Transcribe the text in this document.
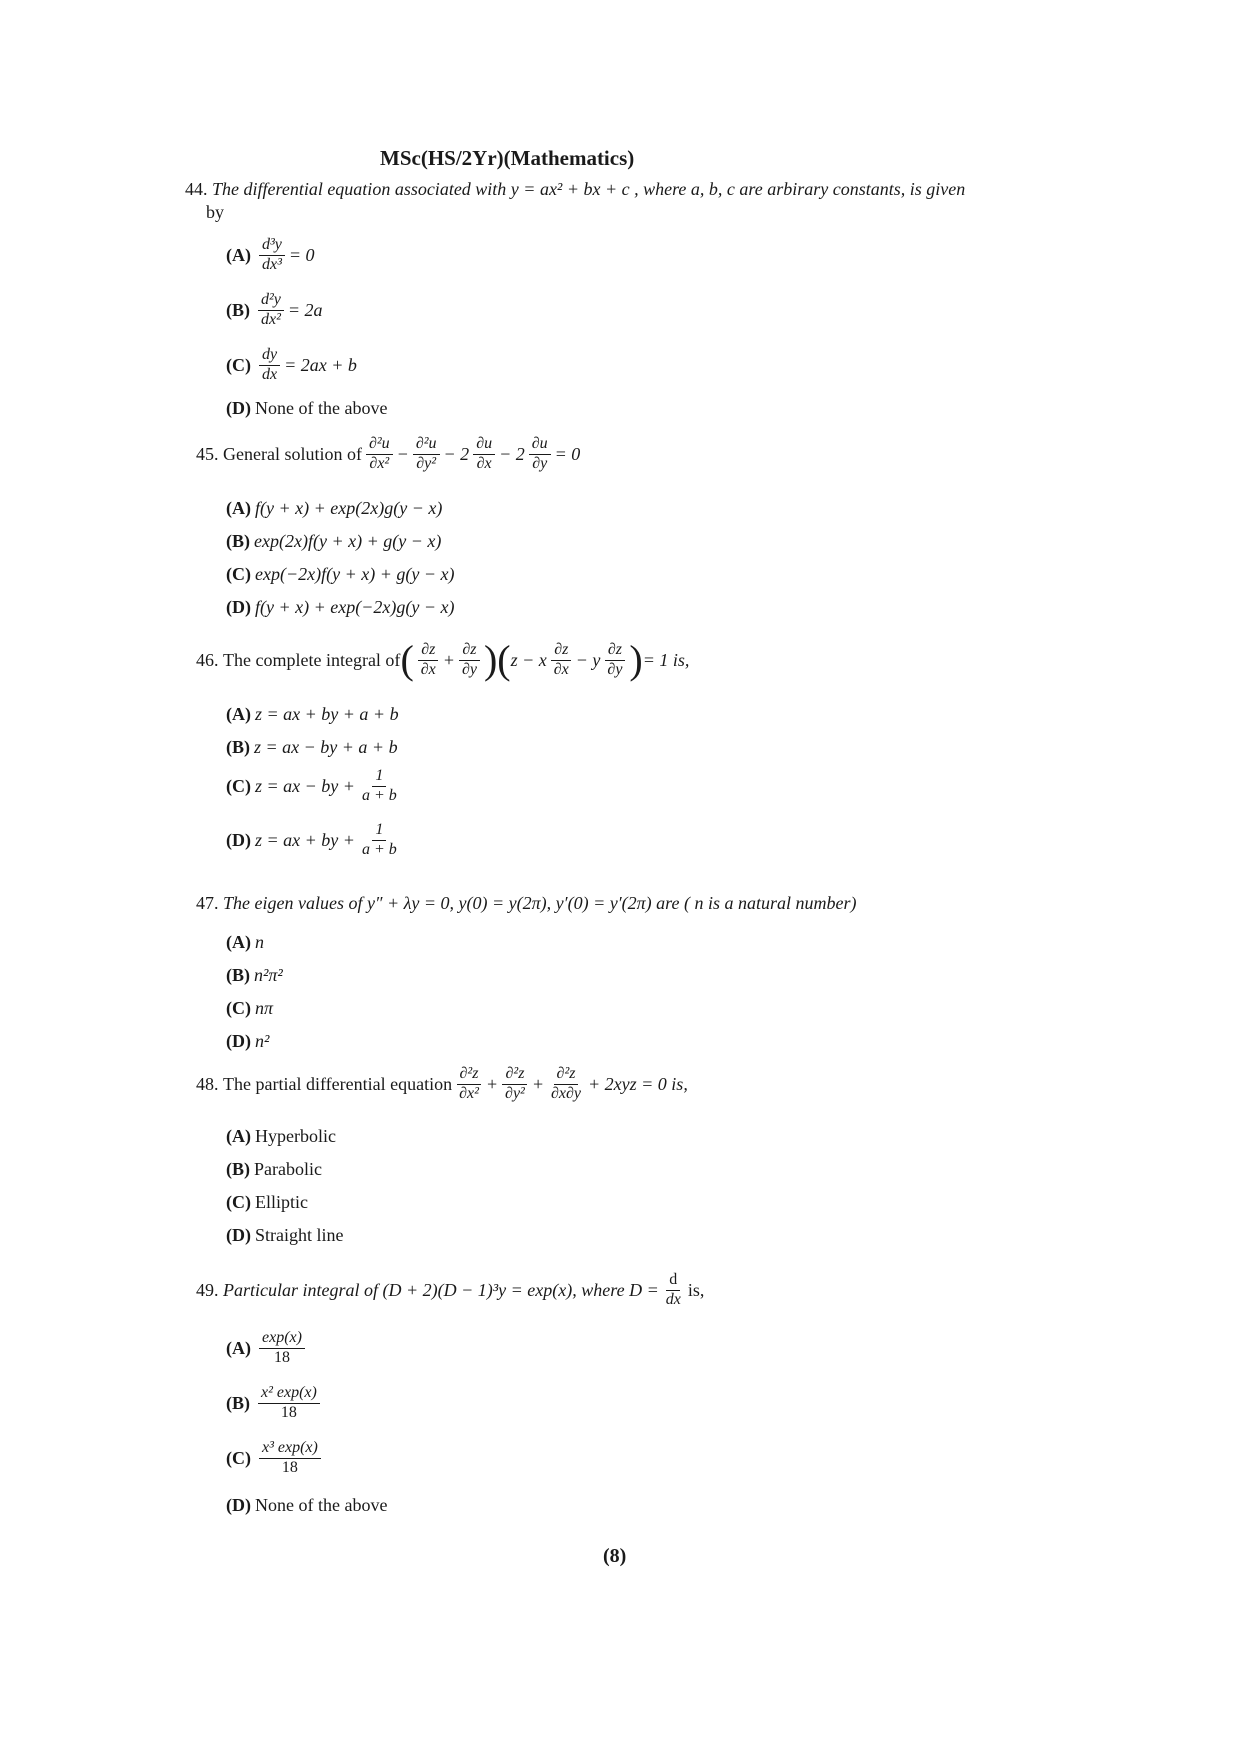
MSc(HS/2Yr)(Mathematics)
44. The differential equation associated with y = ax² + bx + c , where a, b, c are arbirary constants, is given
by
$(A) \frac{\text{d³y}}{\text{dx³}} = 0$
$(B) \frac{\text{d²y}}{\text{dx²}} = 2a$
$(C) \frac{dy}{dx} = 2ax + b$
(D) None of the above
45.
General solution of $\frac{\text{∂²u}}{\text{∂x²}} - \frac{\text{∂²u}}{\text{∂y²}} - 2 \frac{\partial u}{\partial x} - 2 \frac{\partial u}{\partial y} = 0$
(A) f(y + x) + exp(2x)g(y − x)
(B) exp(2x)f(y + x) + g(y − x)
(C) exp(−2x)f(y + x) + g(y − x)
(D) f(y + x) + exp(−2x)g(y − x)
46.
The complete integral of ( $\frac{\partial z}{\partial x} + \frac{\partial z}{\partial y}$ ) ( z − x $\frac{\partial z}{\partial x} - y \frac{\partial z}{\partial y}$ ) = 1 is,
(A) z = ax + by + a + b
(B) z = ax − by + a + b
(C) z = ax − by + $\frac{1}{a + b}$
(D) z = ax + by + $\frac{1}{a + b}$
47. The eigen values of y″ + λy = 0, y(0) = y(2π), y′(0) = y′(2π) are ( n is a natural number)
(A) n
(B) n²π²
(C) nπ
(D) n²
48.
The partial differential equation $\frac{\text{∂²z}}{\text{∂x²}} + \frac{\text{∂²z}}{\text{∂y²}} + \frac{\text{∂²z}}{\partial x\partial y} + 2xyz = 0$ is,
(A) Hyperbolic
(B) Parabolic
(C) Elliptic
(D) Straight line
49.
Particular integral of (D + 2)(D − 1)³y = exp(x), where $D = \frac{d}{dx}$ is,
$(A) \frac{\exp(x)}{18}$
$(B) \frac{\text{x² exp(x)}}{18}$
$(C) \frac{\text{x³ exp(x)}}{18}$
(D) None of the above
(8)
